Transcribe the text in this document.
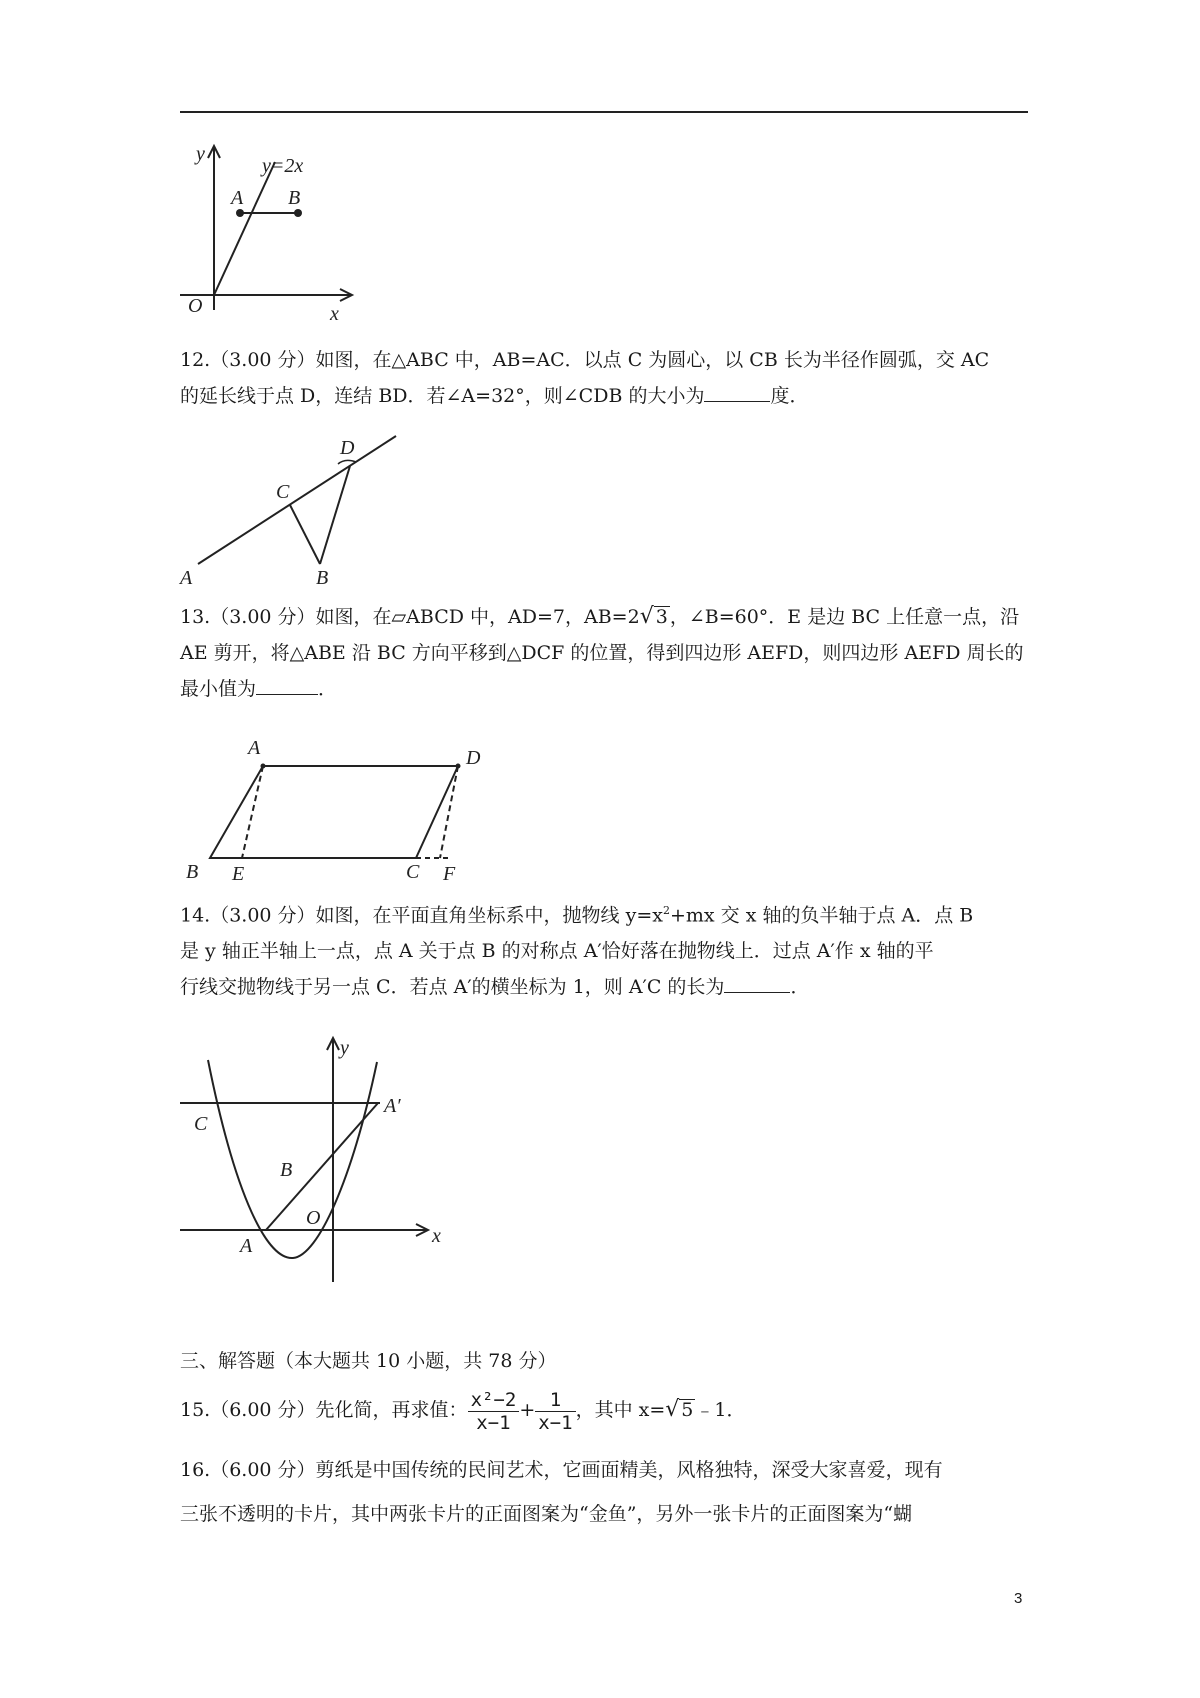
y
x
O
A B
y=2x
12.（3.00 分）如图，在△ABC 中，AB=AC．以点 C 为圆心，以 CB 长为半径作圆弧，交 AC
的延长线于点 D，连结 BD．若∠A=32°，则∠CDB 的大小为	度．
A	B
C
D
13.（3.00 分）如图，在▱ABCD 中，AD=7，AB=2√ 3 ，∠B=60°．E 是边 BC 上任意一点，沿
AE 剪开，将△ABE 沿 BC 方向平移到△DCF 的位置，得到四边形 AEFD，则四边形 AEFD 周长的
最小值为	．
A	D
B E	C F
14.（3.00 分）如图，在平面直角坐标系中，抛物线 $y=x^2+mx$ 交 x 轴的负半轴于点 A．点 B
是 y 轴正半轴上一点，点 A 关于点 B 的对称点 A′恰好落在抛物线上．过点 A′作 x 轴的平
行线交抛物线于另一点 C．若点 A′的横坐标为 1，则 A′C 的长为	．
C
A′
B
O
A
y
x
三、解答题（本大题共 10 小题，共 78 分）
15.（6.00 分）先化简，再求值： $\frac{\text{x²−2}}{x-1} + \frac{1}{x-1}$ ，其中 x=√ 5 ﹣1．
16.（6.00 分）剪纸是中国传统的民间艺术，它画面精美，风格独特，深受大家喜爱，现有
三张不透明的卡片，其中两张卡片的正面图案为“金鱼”，另外一张卡片的正面图案为“蝴
3
